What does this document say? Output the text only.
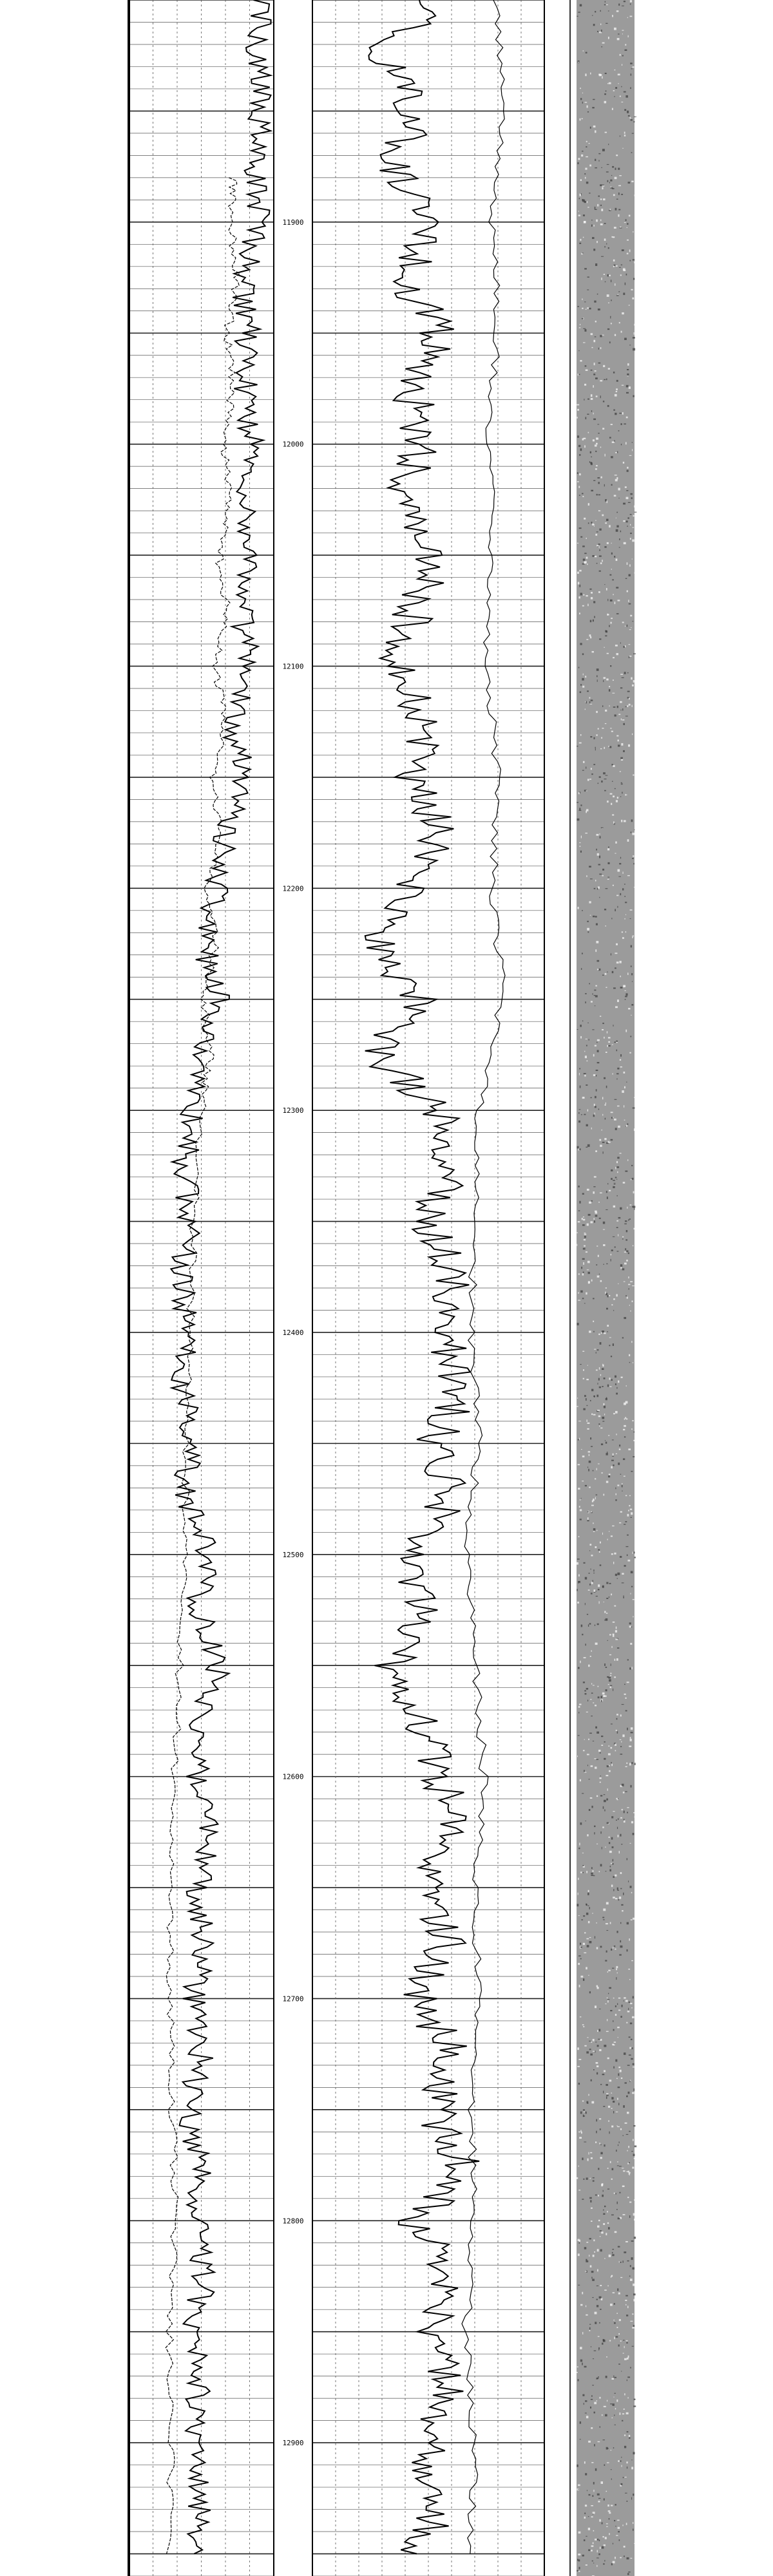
11900
12000
12100
12200
12300
12400
12500
12600
12700
12800
12900
